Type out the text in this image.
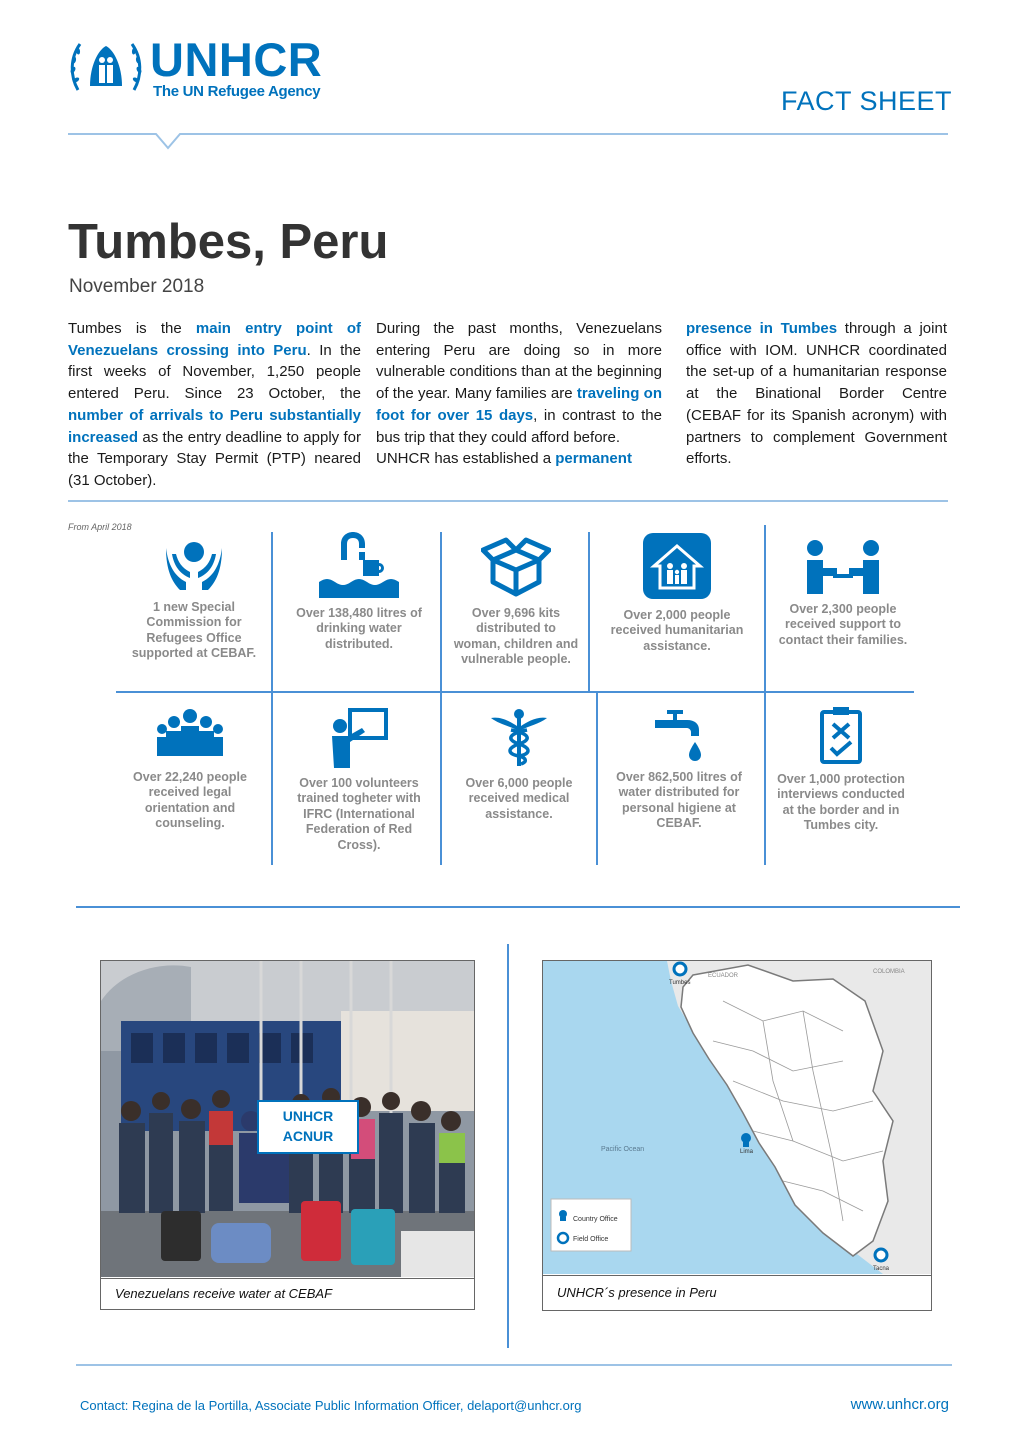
UNHCR
The UN Refugee Agency	FACT SHEET
Tumbes, Peru
November 2018
Tumbes is the main entry point of Venezuelans crossing into Peru. In the first weeks of November, 1,250 people entered Peru. Since 23 October, the number of arrivals to Peru substantially increased as the entry deadline to apply for the Temporary Stay Permit (PTP) neared (31 October).
During the past months, Venezuelans entering Peru are doing so in more vulnerable conditions than at the beginning of the year. Many families are traveling on foot for over 15 days, in contrast to the bus trip that they could afford before.
UNHCR has established a permanent
presence in Tumbes through a joint office with IOM. UNHCR coordinated the set-up of a humanitarian response at the Binational Border Centre (CEBAF for its Spanish acronym) with partners to complement Government efforts.
From April 2018
1 new Special Commission for Refugees Office supported at CEBAF.
Over 138,480 litres of drinking water distributed.
Over 9,696 kits distributed to woman, children and vulnerable people.
Over 2,000 people received humanitarian assistance.
Over 2,300 people received support to contact their families.
Over 22,240 people received legal orientation and counseling.
Over 100 volunteers trained togheter with IFRC (International Federation of Red Cross).
Over 6,000 people received medical assistance.
Over 862,500 litres of water distributed for personal higiene at CEBAF.
Over 1,000 protection interviews conducted at the border and in Tumbes city.
UNHCR
ACNUR
Venezuelans receive water at CEBAF
ECUADOR
COLOMBIA
Tumbes
Lima
Tacna
Pacific Ocean
Country Office
Field Office
UNHCR´s presence in Peru
Contact: Regina de la Portilla, Associate Public Information Officer, delaport@unhcr.org	www.unhcr.org
